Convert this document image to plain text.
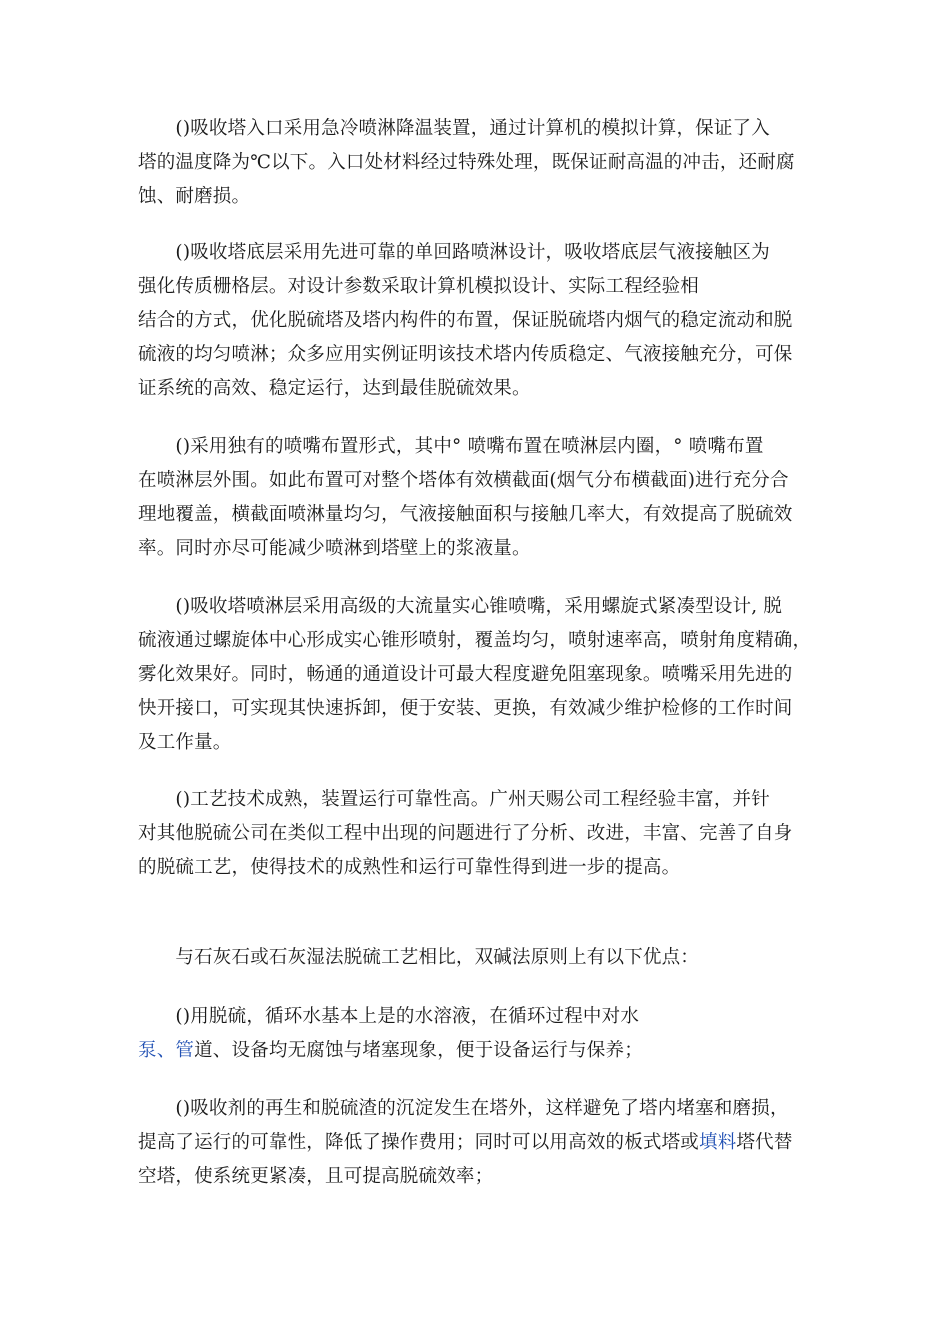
　　()吸收塔入口采用急冷喷淋降温装置，通过计算机的模拟计算，保证了入
塔的温度降为℃以下。入口处材料经过特殊处理，既保证耐高温的冲击，还耐腐
蚀、耐磨损。
　　()吸收塔底层采用先进可靠的单回路喷淋设计，吸收塔底层气液接触区为
强化传质栅格层。对设计参数采取计算机模拟设计、实际工程经验相
结合的方式，优化脱硫塔及塔内构件的布置，保证脱硫塔内烟气的稳定流动和脱
硫液的均匀喷淋；众多应用实例证明该技术塔内传质稳定、气液接触充分，可保
证系统的高效、稳定运行，达到最佳脱硫效果。
　　()采用独有的喷嘴布置形式，其中° 喷嘴布置在喷淋层内圈，° 喷嘴布置
在喷淋层外围。如此布置可对整个塔体有效横截面(烟气分布横截面)进行充分合
理地覆盖，横截面喷淋量均匀，气液接触面积与接触几率大，有效提高了脱硫效
率。同时亦尽可能减少喷淋到塔壁上的浆液量。
　　()吸收塔喷淋层采用高级的大流量实心锥喷嘴，采用螺旋式紧凑型设计, 脱
硫液通过螺旋体中心形成实心锥形喷射，覆盖均匀，喷射速率高，喷射角度精确，
雾化效果好。同时，畅通的通道设计可最大程度避免阻塞现象。喷嘴采用先进的
快开接口，可实现其快速拆卸，便于安装、更换，有效减少维护检修的工作时间
及工作量。
　　()工艺技术成熟，装置运行可靠性高。广州天赐公司工程经验丰富，并针
对其他脱硫公司在类似工程中出现的问题进行了分析、改进，丰富、完善了自身
的脱硫工艺，使得技术的成熟性和运行可靠性得到进一步的提高。
　　与石灰石或石灰湿法脱硫工艺相比，双碱法原则上有以下优点：
　　()用脱硫，循环水基本上是的水溶液，在循环过程中对水
泵、管道、设备均无腐蚀与堵塞现象，便于设备运行与保养；
　　()吸收剂的再生和脱硫渣的沉淀发生在塔外，这样避免了塔内堵塞和磨损，
提高了运行的可靠性，降低了操作费用；同时可以用高效的板式塔或填料塔代替
空塔，使系统更紧凑，且可提高脱硫效率；
